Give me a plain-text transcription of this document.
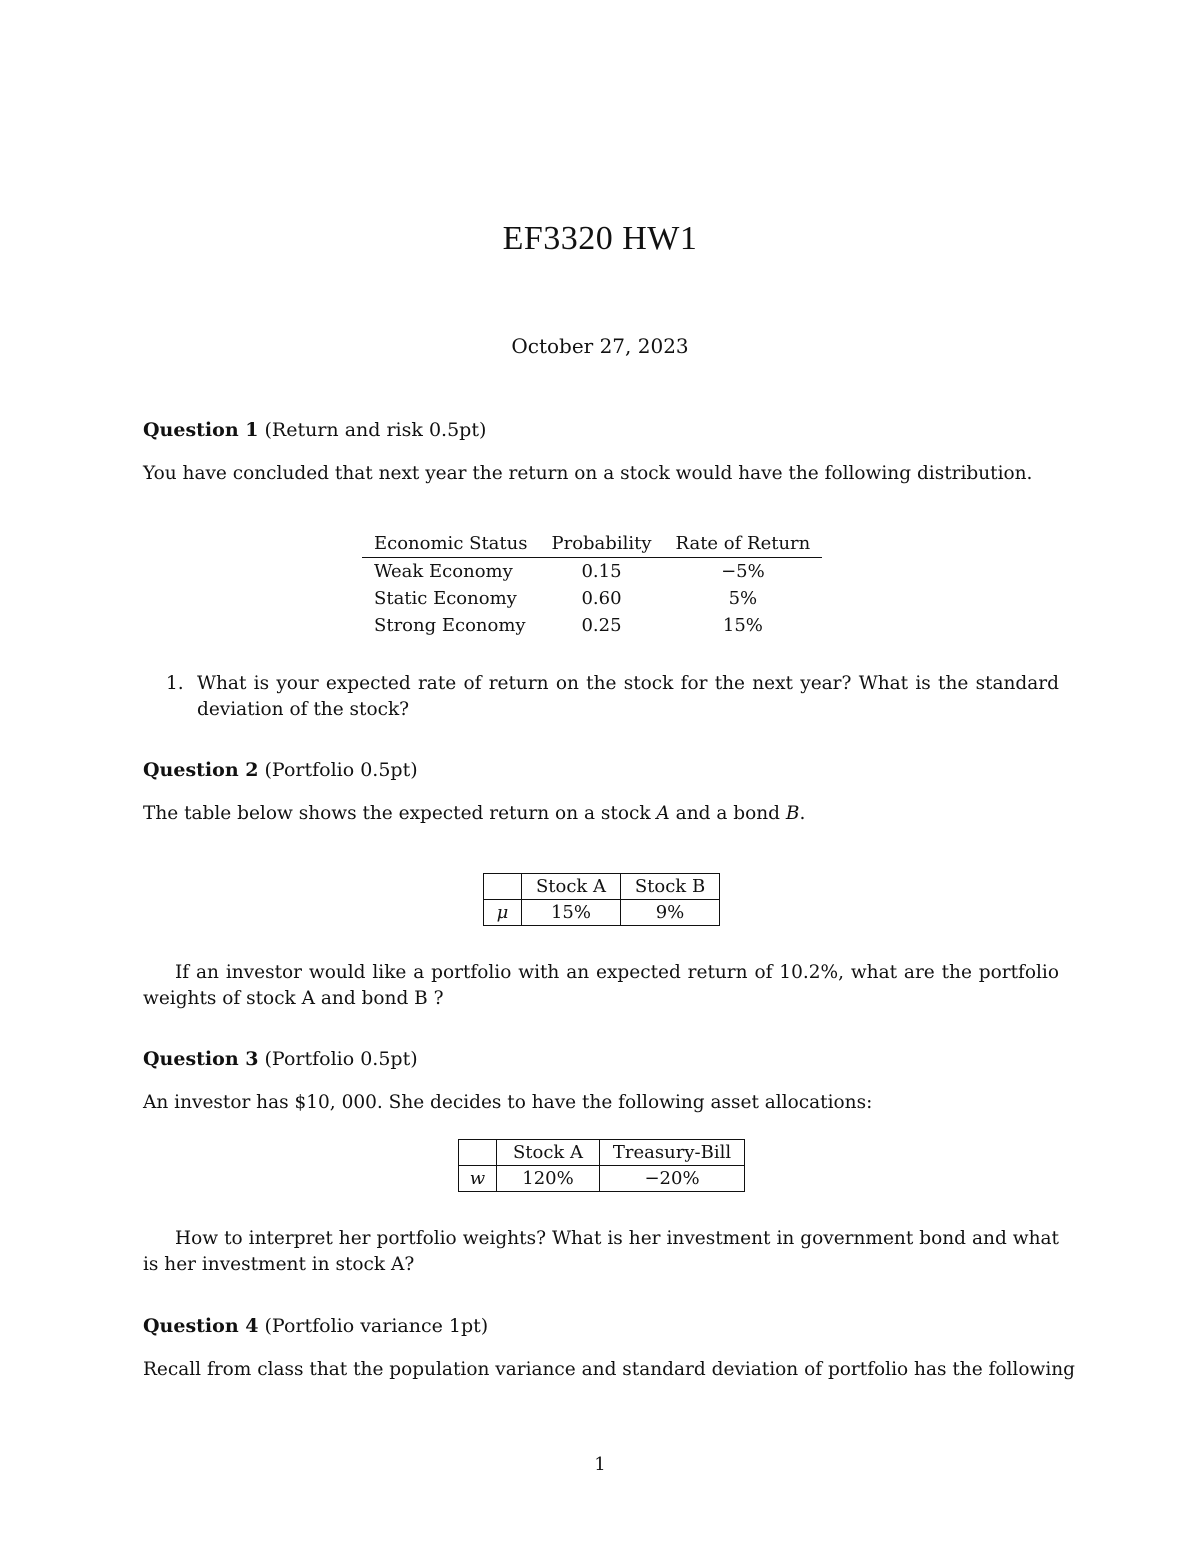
EF3320 HW1
October 27, 2023
Question 1 (Return and risk 0.5pt)
You have concluded that next year the return on a stock would have the following distribution.
Economic Status	Probability	Rate of Return
Weak Economy	0.15	−5%
Static Economy	0.60	5%
Strong Economy	0.25	15%
1. What is your expected rate of return on the stock for the next year? What is the standard deviation of the stock?
Question 2 (Portfolio 0.5pt)
The table below shows the expected return on a stock A and a bond B.
	Stock A	Stock B
μ	15%	9%
If an investor would like a portfolio with an expected return of 10.2%, what are the portfolio weights of stock A and bond B ?
Question 3 (Portfolio 0.5pt)
An investor has $10, 000. She decides to have the following asset allocations:
	Stock A	Treasury-Bill
w	120%	−20%
How to interpret her portfolio weights? What is her investment in government bond and what is her investment in stock A?
Question 4 (Portfolio variance 1pt)
Recall from class that the population variance and standard deviation of portfolio has the following
1
